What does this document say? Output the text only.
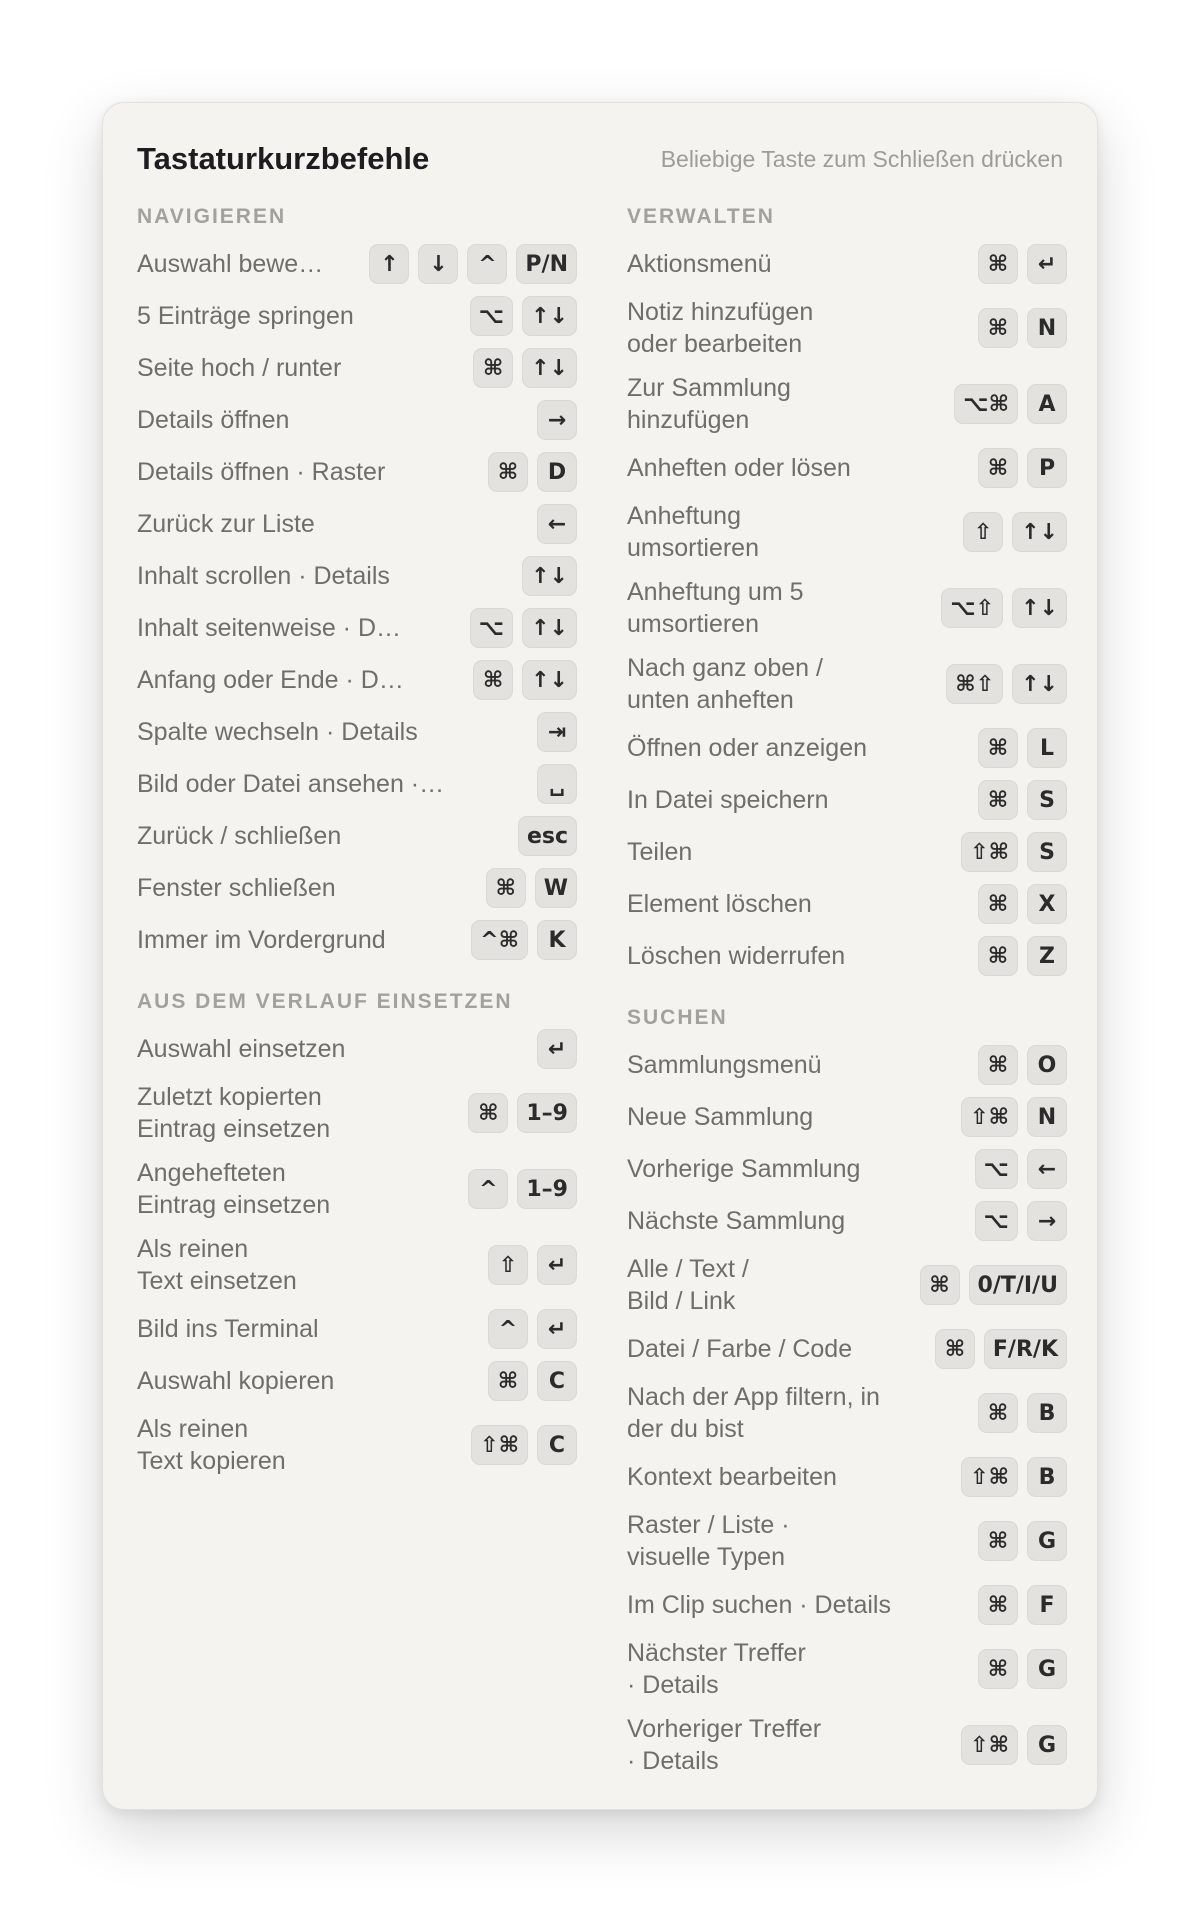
Tastaturkurzbefehle	Beliebige Taste zum Schließen drücken
NAVIGIEREN
Auswahl bewe…	↑	↓	^	P/N
5 Einträge springen	⌥	↑↓
Seite hoch / runter	⌘	↑↓
Details öffnen	→
Details öffnen · Raster	⌘	D
Zurück zur Liste	←
Inhalt scrollen · Details	↑↓
Inhalt seitenweise · D…	⌥	↑↓
Anfang oder Ende · D…	⌘	↑↓
Spalte wechseln · Details	⇥
Bild oder Datei ansehen ·…	␣
Zurück / schließen	esc
Fenster schließen	⌘	W
Immer im Vordergrund	^⌘	K
AUS DEM VERLAUF EINSETZEN
Auswahl einsetzen	↵
Zuletzt kopierten
Eintrag einsetzen
⌘	1–9
Angehefteten
Eintrag einsetzen
^	1–9
Als reinen
Text einsetzen
⇧	↵
Bild ins Terminal	^	↵
Auswahl kopieren	⌘	C
Als reinen
Text kopieren
⇧⌘	C
VERWALTEN
Aktionsmenü	⌘	↵
Notiz hinzufügen
oder bearbeiten
⌘	N
Zur Sammlung
hinzufügen
⌥⌘	A
Anheften oder lösen	⌘	P
Anheftung
umsortieren
⇧	↑↓
Anheftung um 5
umsortieren
⌥⇧	↑↓
Nach ganz oben /
unten anheften
⌘⇧	↑↓
Öffnen oder anzeigen	⌘	L
In Datei speichern	⌘	S
Teilen	⇧⌘	S
Element löschen	⌘	X
Löschen widerrufen	⌘	Z
SUCHEN
Sammlungsmenü	⌘	O
Neue Sammlung	⇧⌘	N
Vorherige Sammlung	⌥	←
Nächste Sammlung	⌥	→
Alle / Text /
Bild / Link
⌘	0/T/I/U
Datei / Farbe / Code	⌘	F/R/K
Nach der App filtern, in
der du bist
⌘	B
Kontext bearbeiten	⇧⌘	B
Raster / Liste ·
visuelle Typen
⌘	G
Im Clip suchen · Details	⌘	F
Nächster Treffer
· Details
⌘	G
Vorheriger Treffer
· Details
⇧⌘	G
